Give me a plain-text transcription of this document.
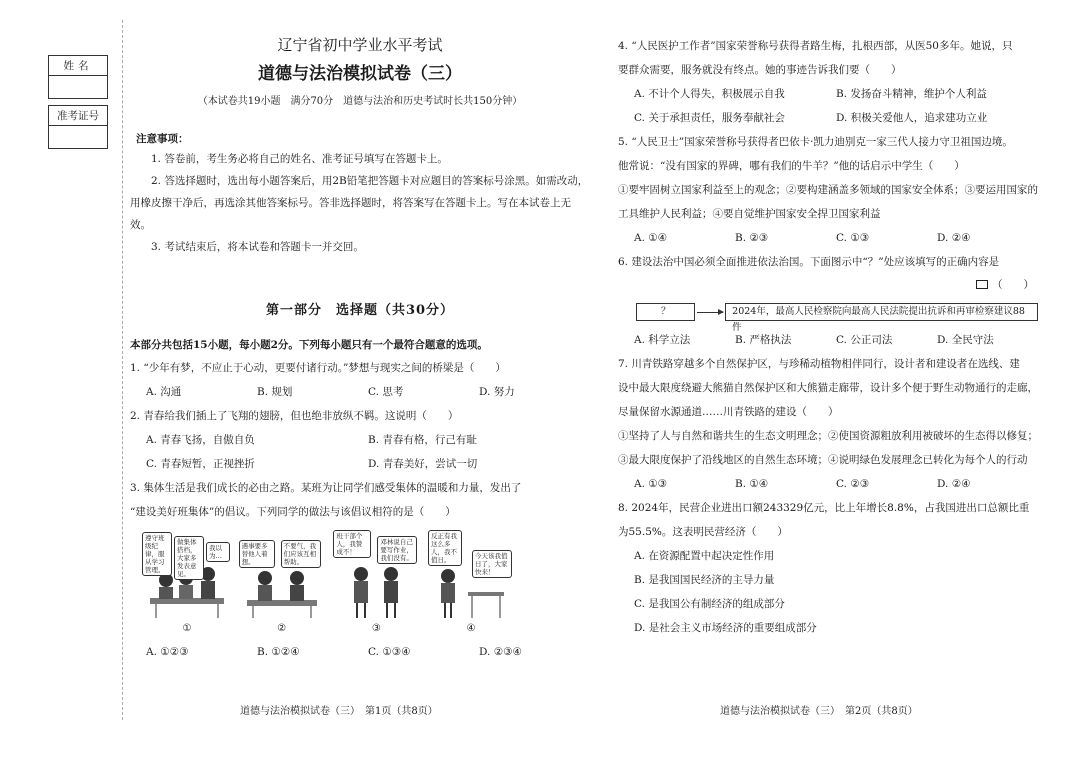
姓名
准考证号
辽宁省初中学业水平考试
道德与法治模拟试卷（三）
（本试卷共19小题　满分70分　道德与法治和历史考试时长共150分钟）
注意事项：
1. 答卷前，考生务必将自己的姓名、准考证号填写在答题卡上。
2. 答选择题时，选出每小题答案后，用2B铅笔把答题卡对应题目的答案标号涂黑。如需改动，用橡皮擦干净后，再选涂其他答案标号。答非选择题时，将答案写在答题卡上。写在本试卷上无效。
3. 考试结束后，将本试卷和答题卡一并交回。
第一部分　选择题（共30分）
本部分共包括15小题，每小题2分。下列每小题只有一个最符合题意的选项。
1. “少年有梦，不应止于心动，更要付诸行动。”梦想与现实之间的桥梁是（　　）
A. 沟通	B. 规划	C. 思考	D. 努力
2. 青春给我们插上了飞翔的翅膀，但也绝非放纵不羁。这说明（　　）
A. 青春飞扬，自傲自负	B. 青春有格，行己有耻
C. 青春短暂，正视挫折	D. 青春美好，尝试一切
3. 集体生活是我们成长的必由之路。某班为让同学们感受集体的温暖和力量，发出了
“建设美好班集体”的倡议。下列同学的做法与该倡议相符的是（　　）
遵守班级纪律，服从学习管理。
做集体搭档，大家多发表意见。
我以为…
①
遇事要多替他人着想。
不要气，我们应该互相帮助。
②
班干部个人，我赞成不！
邓林说自己要写作业，我们没有。
③
反正有我这么多人，我不值日。	今天该我值日了，大家快来！
④
A. ①②③	B. ①②④	C. ①③④	D. ②③④
道德与法治模拟试卷（三）　第1页（共8页）
4. “人民医护工作者”国家荣誉称号获得者路生梅，扎根西部，从医50多年。她说，只
要群众需要，服务就没有终点。她的事迹告诉我们要（　　）
A. 不计个人得失，积极展示自我	B. 发扬奋斗精神，维护个人利益
C. 关于承担责任，服务奉献社会	D. 积极关爱他人，追求建功立业
5. “人民卫士”国家荣誉称号获得者巴依卡·凯力迪别克一家三代人接力守卫祖国边境。
他常说：“没有国家的界碑，哪有我们的牛羊？”他的话启示中学生（　　）
①要牢固树立国家利益至上的观念；②要构建涵盖多领域的国家安全体系；③要运用国家的工具维护人民利益；④要自觉维护国家安全捍卫国家利益
A. ①④	B. ②③	C. ①③	D. ②④
6. 建设法治中国必须全面推进依法治国。下面图示中“？”处应该填写的正确内容是
（　　）
？	2024年，最高人民检察院向最高人民法院提出抗诉和再审检察建议88件
A. 科学立法	B. 严格执法	C. 公正司法	D. 全民守法
7. 川青铁路穿越多个自然保护区，与珍稀动植物相伴同行，设计者和建设者在选线、建
设中最大限度绕避大熊猫自然保护区和大熊猫走廊带，设计多个便于野生动物通行的走廊，尽量保留水源通道……川青铁路的建设（　　）
①坚持了人与自然和谐共生的生态文明理念；②使国资源粗放利用被破坏的生态得以修复；③最大限度保护了沿线地区的自然生态环境；④说明绿色发展理念已转化为每个人的行动
A. ①③	B. ①④	C. ②③	D. ②④
8. 2024年，民营企业进出口额243329亿元，比上年增长8.8%，占我国进出口总额比重
为55.5%。这表明民营经济（　　）
A. 在资源配置中起决定性作用
B. 是我国国民经济的主导力量
C. 是我国公有制经济的组成部分
D. 是社会主义市场经济的重要组成部分
道德与法治模拟试卷（三）　第2页（共8页）
